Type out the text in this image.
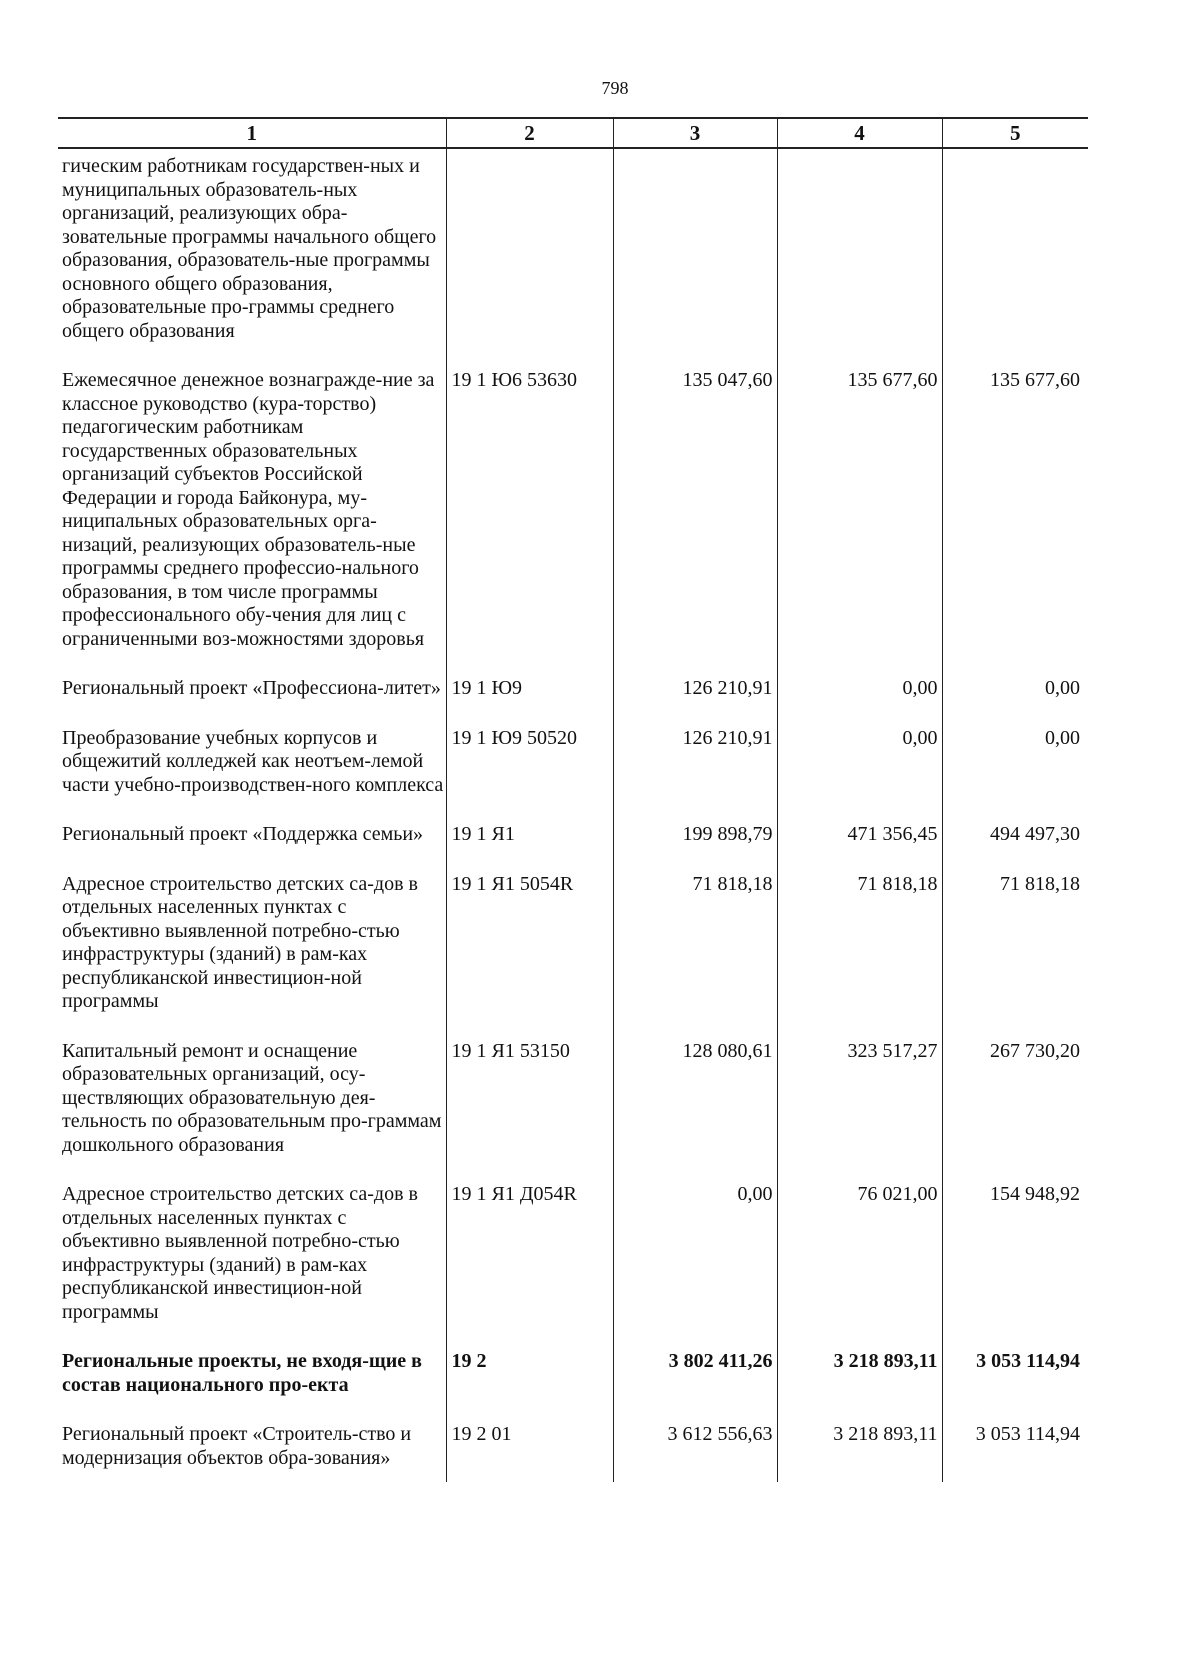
798
1	2	3	4	5
гическим работникам государствен-ных и муниципальных образователь-ных организаций, реализующих обра-зовательные программы начального общего образования, образователь-ные программы основного общего образования, образовательные про-граммы среднего общего образования				
Ежемесячное денежное вознагражде-ние за классное руководство (кура-торство) педагогическим работникам государственных образовательных организаций субъектов Российской Федерации и города Байконура, му-ниципальных образовательных орга-низаций, реализующих образователь-ные программы среднего профессио-нального образования, в том числе программы профессионального обу-чения для лиц с ограниченными воз-можностями здоровья	19 1 Ю6 53630	135 047,60	135 677,60	135 677,60
Региональный проект «Профессиона-литет»	19 1 Ю9	126 210,91	0,00	0,00
Преобразование учебных корпусов и общежитий колледжей как неотъем-лемой части учебно-производствен-ного комплекса	19 1 Ю9 50520	126 210,91	0,00	0,00
Региональный проект «Поддержка семьи»	19 1 Я1	199 898,79	471 356,45	494 497,30
Адресное строительство детских са-дов в отдельных населенных пунктах с объективно выявленной потребно-стью инфраструктуры (зданий) в рам-ках республиканской инвестицион-ной программы	19 1 Я1 5054R	71 818,18	71 818,18	71 818,18
Капитальный ремонт и оснащение образовательных организаций, осу-ществляющих образовательную дея-тельность по образовательным про-граммам дошкольного образования	19 1 Я1 53150	128 080,61	323 517,27	267 730,20
Адресное строительство детских са-дов в отдельных населенных пунктах с объективно выявленной потребно-стью инфраструктуры (зданий) в рам-ках республиканской инвестицион-ной программы	19 1 Я1 Д054R	0,00	76 021,00	154 948,92
Региональные проекты, не входя-щие в состав национального про-екта	19 2	3 802 411,26	3 218 893,11	3 053 114,94
Региональный проект «Строитель-ство и модернизация объектов обра-зования»	19 2 01	3 612 556,63	3 218 893,11	3 053 114,94
